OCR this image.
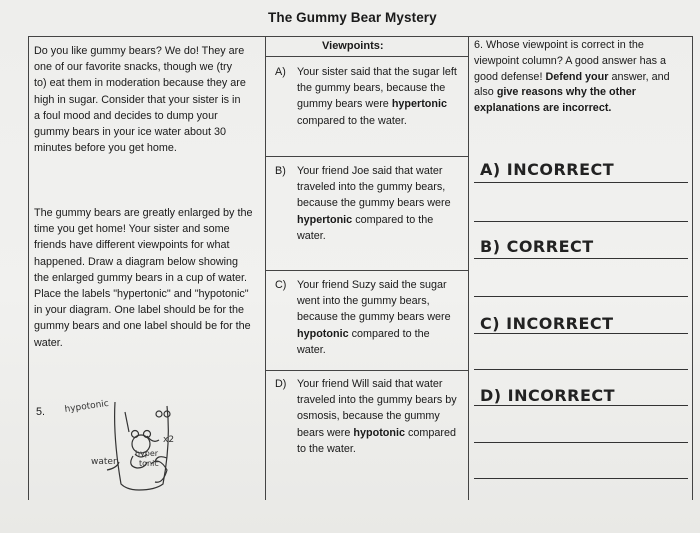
The Gummy Bear Mystery
Do you like gummy bears? We do! They are one of our favorite snacks, though we (try to) eat them in moderation because they are high in sugar. Consider that your sister is in a foul mood and decides to dump your gummy bears in your ice water about 30 minutes before you get home.
The gummy bears are greatly enlarged by the time you get home! Your sister and some friends have different viewpoints for what happened. Draw a diagram below showing the enlarged gummy bears in a cup of water. Place the labels "hypertonic" and "hypotonic" in your diagram. One label should be for the gummy bears and one label should be for the water.
5. hypotonic
x2
water
hyper
tonic
Viewpoints:
A) Your sister said that the sugar left the gummy bears, because the gummy bears were hypertonic compared to the water.
B) Your friend Joe said that water traveled into the gummy bears, because the gummy bears were hypertonic compared to the water.
C) Your friend Suzy said the sugar went into the gummy bears, because the gummy bears were hypotonic compared to the water.
D) Your friend Will said that water traveled into the gummy bears by osmosis, because the gummy bears were hypotonic compared to the water.
6. Whose viewpoint is correct in the viewpoint column? A good answer has a good defense! Defend your answer, and also give reasons why the other explanations are incorrect.
A) INCORRECT
B) CORRECT
C) INCORRECT
D) INCORRECT
